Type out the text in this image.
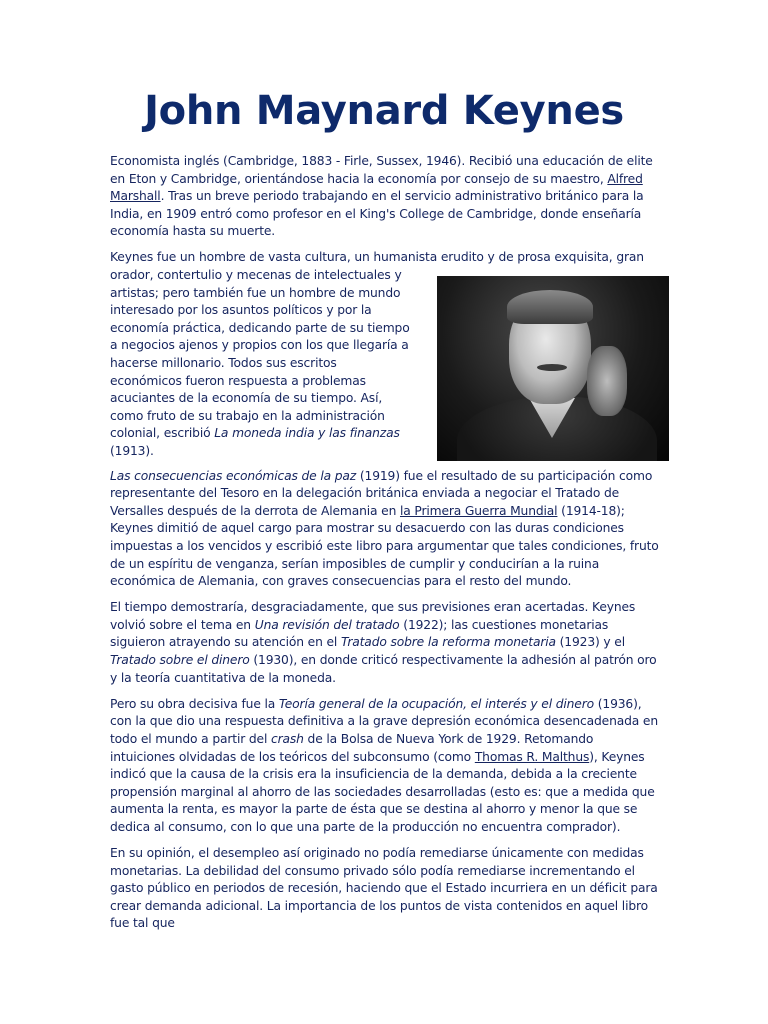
John Maynard Keynes

Economista inglés (Cambridge, 1883 - Firle, Sussex, 1946). Recibió una educación de elite en Eton y Cambridge, orientándose hacia la economía por consejo de su maestro, Alfred Marshall. Tras un breve periodo trabajando en el servicio administrativo británico para la India, en 1909 entró como profesor en el King's College de Cambridge, donde enseñaría economía hasta su muerte.

Keynes fue un hombre de vasta cultura, un humanista erudito y de prosa exquisita, gran orador,
contertulio y mecenas de intelectuales y artistas; pero también fue un hombre de mundo interesado por los asuntos políticos y por la economía práctica, dedicando parte de su tiempo a negocios ajenos y propios con los que llegaría a hacerse millonario. Todos sus escritos económicos fueron respuesta a problemas acuciantes de la economía de su tiempo. Así, como fruto de su trabajo en la administración colonial, escribió La moneda india y las finanzas (1913).

Las consecuencias económicas de la paz (1919) fue el resultado de su participación como representante del Tesoro en la delegación británica enviada a negociar el Tratado de Versalles después de la derrota de Alemania en la Primera Guerra Mundial (1914-18); Keynes dimitió de aquel cargo para mostrar su desacuerdo con las duras condiciones impuestas a los vencidos y escribió este libro para argumentar que tales condiciones, fruto de un espíritu de venganza, serían imposibles de cumplir y conducirían a la ruina económica de Alemania, con graves consecuencias para el resto del mundo.

El tiempo demostraría, desgraciadamente, que sus previsiones eran acertadas. Keynes volvió sobre el tema en Una revisión del tratado (1922); las cuestiones monetarias siguieron atrayendo su atención en el Tratado sobre la reforma monetaria (1923) y el Tratado sobre el dinero (1930), en donde criticó respectivamente la adhesión al patrón oro y la teoría cuantitativa de la moneda.

Pero su obra decisiva fue la Teoría general de la ocupación, el interés y el dinero (1936), con la que dio una respuesta definitiva a la grave depresión económica desencadenada en todo el mundo a partir del crash de la Bolsa de Nueva York de 1929. Retomando intuiciones olvidadas de los teóricos del subconsumo (como Thomas R. Malthus), Keynes indicó que la causa de la crisis era la insuficiencia de la demanda, debida a la creciente propensión marginal al ahorro de las sociedades desarrolladas (esto es: que a medida que aumenta la renta, es mayor la parte de ésta que se destina al ahorro y menor la que se dedica al consumo, con lo que una parte de la producción no encuentra comprador).

En su opinión, el desempleo así originado no podía remediarse únicamente con medidas monetarias. La debilidad del consumo privado sólo podía remediarse incrementando el gasto público en periodos de recesión, haciendo que el Estado incurriera en un déficit para crear demanda adicional. La importancia de los puntos de vista contenidos en aquel libro fue tal que
